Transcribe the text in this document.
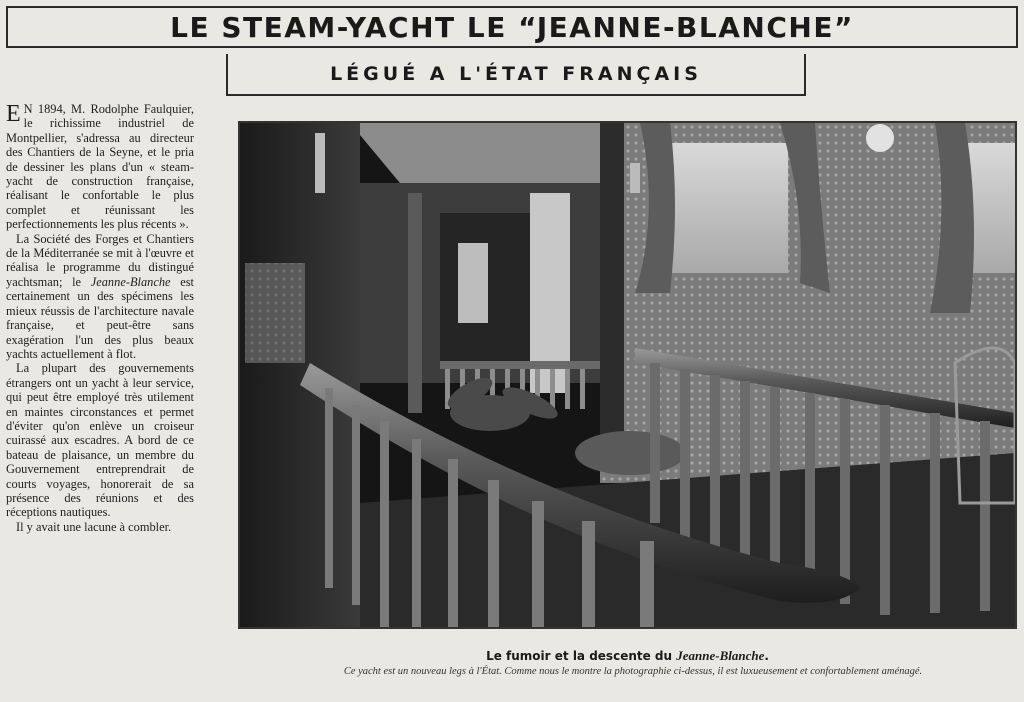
LE STEAM-YACHT LE “JEANNE-BLANCHE”
LÉGUÉ A L'ÉTAT FRANÇAIS

E N 1894, M. Rodolphe Faulquier, le richissime industriel de Montpellier, s'adressa au directeur des Chantiers de la Seyne, et le pria de dessiner les plans d'un « steam-yacht de construction française, réalisant le confortable le plus complet et réunissant les perfectionnements les plus récents ».

La Société des Forges et Chantiers de la Méditerranée se mit à l'œuvre et réalisa le programme du distingué yachtsman; le Jeanne-Blanche est certainement un des spécimens les mieux réussis de l'architecture navale française, et peut-être sans exagération l'un des plus beaux yachts actuellement à flot.

La plupart des gouvernements étrangers ont un yacht à leur service, qui peut être employé très utilement en maintes circonstances et permet d'éviter qu'on enlève un croiseur cuirassé aux escadres. A bord de ce bateau de plaisance, un membre du Gouvernement entreprendrait de courts voyages, honorerait de sa présence des réunions et des réceptions nautiques.

Il y avait une lacune à combler.

Le fumoir et la descente du Jeanne-Blanche.
Ce yacht est un nouveau legs à l'État. Comme nous le montre la photographie ci-dessus, il est luxueusement et confortablement aménagé.
